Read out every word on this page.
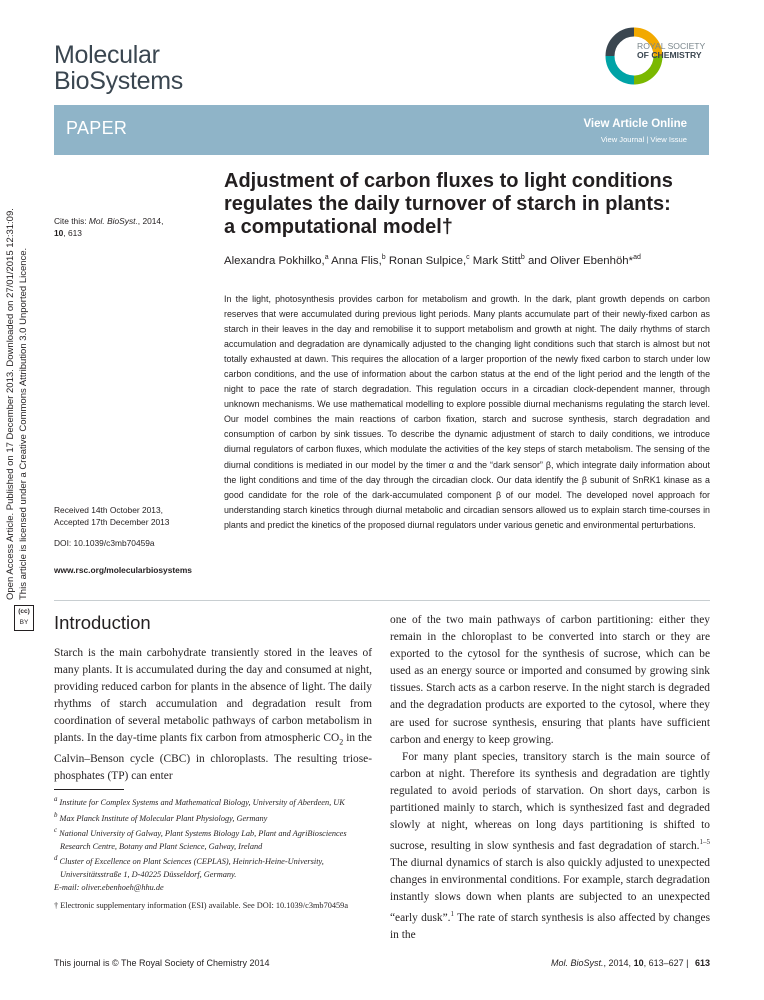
Molecular
BioSystems
ROYAL SOCIETY
OF CHEMISTRY
PAPER	View Article Online
View Journal | View Issue
Open Access Article. Published on 17 December 2013. Downloaded on 27/01/2015 12:31:09. This article is licensed under a Creative Commons Attribution 3.0 Unported Licence.
(cc)
BY
Cite this: Mol. BioSyst., 2014,
10, 613
Adjustment of carbon fluxes to light conditions
regulates the daily turnover of starch in plants:
a computational model†
Alexandra Pokhilko,$^a$ Anna Flis,$^b$ Ronan Sulpice,$^c$ Mark Stitt$^b$ and Oliver Ebenhöh*$^{ad}$

In the light, photosynthesis provides carbon for metabolism and growth. In the dark, plant growth depends on carbon reserves that were accumulated during previous light periods. Many plants accumulate part of their newly-fixed carbon as starch in their leaves in the day and remobilise it to support metabolism and growth at night. The daily rhythms of starch accumulation and degradation are dynamically adjusted to the changing light conditions such that starch is almost but not totally exhausted at dawn. This requires the allocation of a larger proportion of the newly fixed carbon to starch under low carbon conditions, and the use of information about the carbon status at the end of the light period and the length of the night to pace the rate of starch degradation. This regulation occurs in a circadian clock-dependent manner, through unknown mechanisms. We use mathematical modelling to explore possible diurnal mechanisms regulating the starch level. Our model combines the main reactions of carbon fixation, starch and sucrose synthesis, starch degradation and consumption of carbon by sink tissues. To describe the dynamic adjustment of starch to daily conditions, we introduce diurnal regulators of carbon fluxes, which modulate the activities of the key steps of starch metabolism. The sensing of the diurnal conditions is mediated in our model by the timer α and the “dark sensor” β, which integrate daily information about the light conditions and time of the day through the circadian clock. Our data identify the β subunit of SnRK1 kinase as a good candidate for the role of the dark-accumulated component β of our model. The developed novel approach for understanding starch kinetics through diurnal metabolic and circadian sensors allowed us to explain starch time-courses in plants and predict the kinetics of the proposed diurnal regulators under various genetic and environmental perturbations.

Received 14th October 2013,
Accepted 17th December 2013
DOI: 10.1039/c3mb70459a
www.rsc.org/molecularbiosystems
Introduction

Starch is the main carbohydrate transiently stored in the leaves of many plants. It is accumulated during the day and consumed at night, providing reduced carbon for plants in the absence of light. The daily rhythms of starch accumulation and degradation result from coordination of several metabolic pathways of carbon metabolism in plants. In the day-time plants fix carbon from atmospheric $CO_2$ in the Calvin–Benson cycle (CBC) in chloroplasts. The resulting triose-phosphates (TP) can enter

one of the two main pathways of carbon partitioning: either they remain in the chloroplast to be converted into starch or they are exported to the cytosol for the synthesis of sucrose, which can be used as an energy source or imported and consumed by growing sink tissues. Starch acts as a carbon reserve. In the night starch is degraded and the degradation products are exported to the cytosol, where they are used for sucrose synthesis, ensuring that plants have sufficient carbon and energy to keep growing.

For many plant species, transitory starch is the main source of carbon at night. Therefore its synthesis and degradation are tightly regulated to avoid periods of starvation. On short days, carbon is partitioned mainly to starch, which is synthesized fast and degraded slowly at night, whereas on long days partitioning is shifted to sucrose, resulting in slow synthesis and fast degradation of starch.$^{1-5}$ The diurnal dynamics of starch is also quickly adjusted to unexpected changes in environmental conditions. For example, starch degradation instantly slows down when plants are subjected to an unexpected “early dusk”.$^1$ The rate of starch synthesis is also affected by changes in the

$^a$ Institute for Complex Systems and Mathematical Biology, University of Aberdeen, UK
$^b$ Max Planck Institute of Molecular Plant Physiology, Germany
$^c$ National University of Galway, Plant Systems Biology Lab, Plant and AgriBiosciences Research Centre, Botany and Plant Science, Galway, Ireland
$^d$ Cluster of Excellence on Plant Sciences (CEPLAS), Heinrich-Heine-University, Universitätsstraße 1, D-40225 Düsseldorf, Germany.
E-mail: oliver.ebenhoeh@hhu.de
† Electronic supplementary information (ESI) available. See DOI: 10.1039/c3mb70459a
This journal is © The Royal Society of Chemistry 2014	Mol. BioSyst., 2014, 10, 613–627 | 613
